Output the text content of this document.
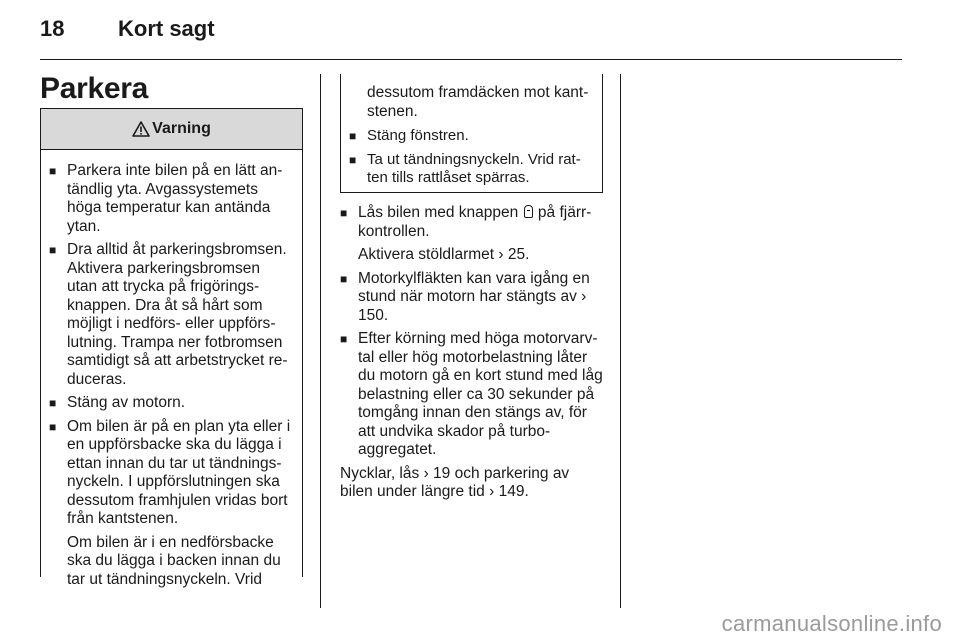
18 Kort sagt
Parkera
Varning

■ Parkera inte bilen på en lätt antändlig yta. Avgassystemets höga temperatur kan antända ytan.

■ Dra alltid åt parkeringsbromsen. Aktivera parkeringsbromsen utan att trycka på frigöringsknappen. Dra åt så hårt som möjligt i nedförs- eller uppförslutning. Trampa ner fotbromsen samtidigt så att arbetstrycket reduceras.

■ Stäng av motorn.

■ Om bilen är på en plan yta eller i en uppförsbacke ska du lägga i ettan innan du tar ut tändningsnyckeln. I uppförslutningen ska dessutom framhjulen vridas bort från kantstenen.

Om bilen är i en nedförsbacke ska du lägga i backen innan du tar ut tändningsnyckeln. Vrid

dessutom framdäcken mot kantstenen.

■ Stäng fönstren.

■ Ta ut tändningsnyckeln. Vrid ratten tills rattlåset spärras.

■ Lås bilen med knappen på fjärrkontrollen.

Aktivera stöldlarmet › 25.

■ Motorkylfläkten kan vara igång en stund när motorn har stängts av › 150.

■ Efter körning med höga motorvarvtal eller hög motorbelastning låter du motorn gå en kort stund med låg belastning eller ca 30 sekunder på tomgång innan den stängs av, för att undvika skador på turboaggregatet.

Nycklar, lås › 19 och parkering av bilen under längre tid › 149.

carmanualsonline.info
